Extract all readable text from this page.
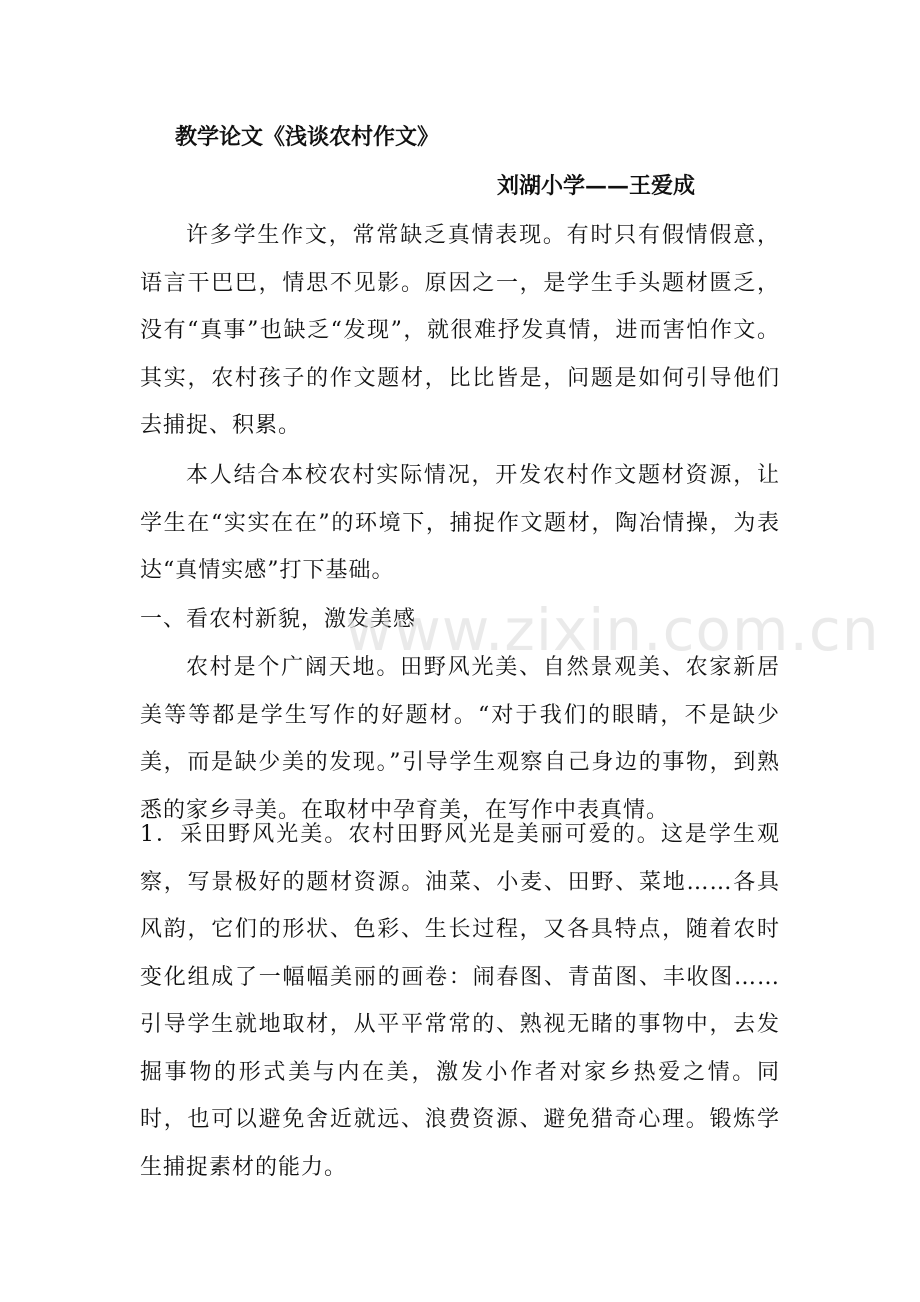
教学论文《浅谈农村作文》
刘湖小学——王爱成
许多学生作文，常常缺乏真情表现。有时只有假情假意，语言干巴巴，情思不见影。原因之一，是学生手头题材匮乏，没有“真事”也缺乏“发现”，就很难抒发真情，进而害怕作文。其实，农村孩子的作文题材，比比皆是，问题是如何引导他们去捕捉、积累。
本人结合本校农村实际情况，开发农村作文题材资源，让学生在“实实在在”的环境下，捕捉作文题材，陶冶情操，为表达“真情实感”打下基础。
一、看农村新貌，激发美感
农村是个广阔天地。田野风光美、自然景观美、农家新居美等等都是学生写作的好题材。“对于我们的眼睛，不是缺少美，而是缺少美的发现。”引导学生观察自己身边的事物，到熟悉的家乡寻美。在取材中孕育美，在写作中表真情。
1．采田野风光美。农村田野风光是美丽可爱的。这是学生观察，写景极好的题材资源。油菜、小麦、田野、菜地……各具风韵，它们的形状、色彩、生长过程，又各具特点，随着农时变化组成了一幅幅美丽的画卷：闹春图、青苗图、丰收图……引导学生就地取材，从平平常常的、熟视无睹的事物中，去发掘事物的形式美与内在美，激发小作者对家乡热爱之情。同时，也可以避免舍近就远、浪费资源、避免猎奇心理。锻炼学生捕捉素材的能力。
www.zixin.com.cn
